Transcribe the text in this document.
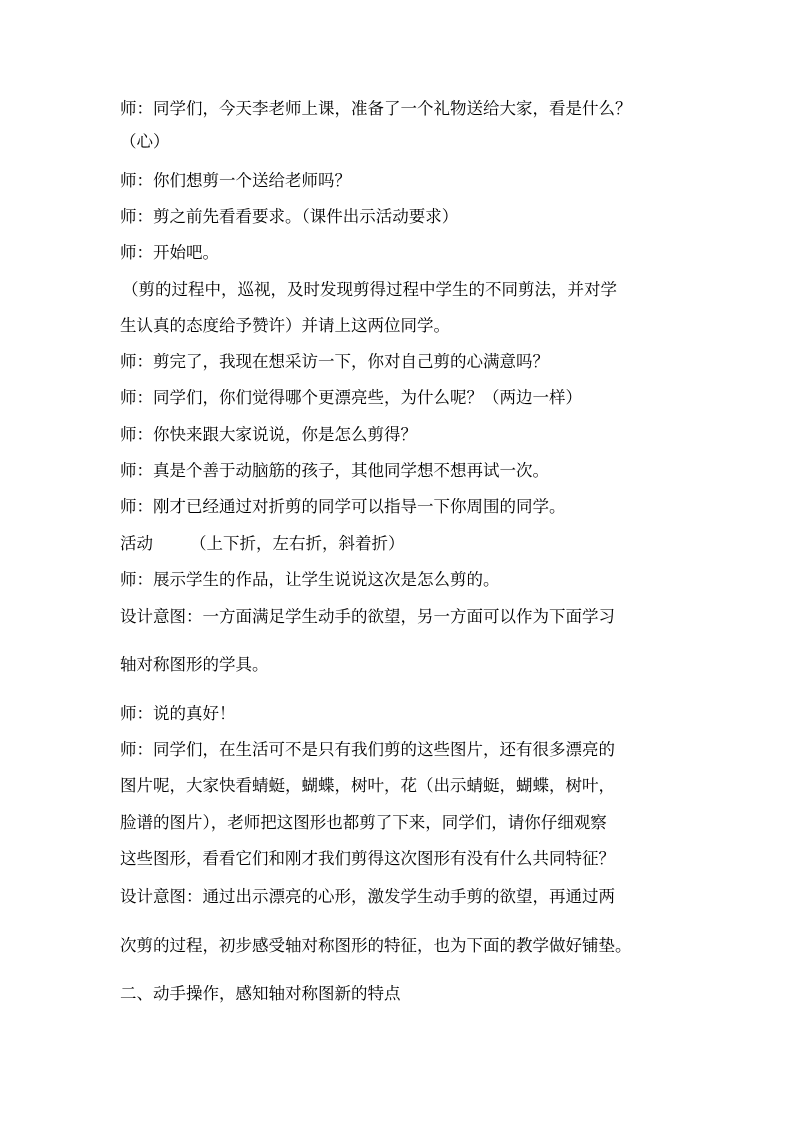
师：同学们，今天李老师上课，准备了一个礼物送给大家，看是什么？
（心）
师：你们想剪一个送给老师吗？
师：剪之前先看看要求。（课件出示活动要求）
师：开始吧。
（剪的过程中，巡视，及时发现剪得过程中学生的不同剪法，并对学
生认真的态度给予赞许）并请上这两位同学。
师：剪完了，我现在想采访一下，你对自己剪的心满意吗？
师：同学们，你们觉得哪个更漂亮些，为什么呢？（两边一样）
师：你快来跟大家说说，你是怎么剪得？
师：真是个善于动脑筋的孩子，其他同学想不想再试一次。
师：刚才已经通过对折剪的同学可以指导一下你周围的同学。
活动 （上下折，左右折，斜着折）
师：展示学生的作品，让学生说说这次是怎么剪的。
设计意图：一方面满足学生动手的欲望，另一方面可以作为下面学习
轴对称图形的学具。
师：说的真好！
师：同学们，在生活可不是只有我们剪的这些图片，还有很多漂亮的
图片呢，大家快看蜻蜓，蝴蝶，树叶，花（出示蜻蜓，蝴蝶，树叶，
脸谱的图片），老师把这图形也都剪了下来，同学们，请你仔细观察
这些图形，看看它们和刚才我们剪得这次图形有没有什么共同特征？
设计意图：通过出示漂亮的心形，激发学生动手剪的欲望，再通过两
次剪的过程，初步感受轴对称图形的特征，也为下面的教学做好铺垫。
二、动手操作，感知轴对称图新的特点
